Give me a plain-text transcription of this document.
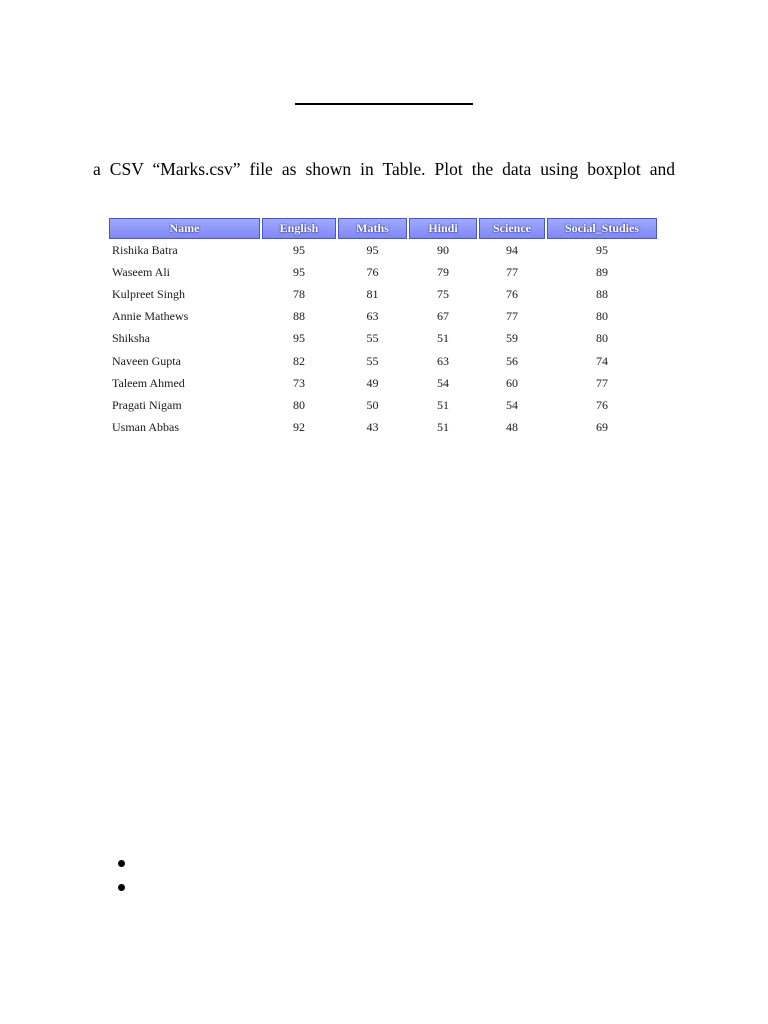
a CSV “Marks.csv” file as shown in Table. Plot the data using boxplot and
Name	English	Maths	Hindi	Science	Social_Studies
Rishika Batra	95	95	90	94	95
Waseem Ali	95	76	79	77	89
Kulpreet Singh	78	81	75	76	88
Annie Mathews	88	63	67	77	80
Shiksha	95	55	51	59	80
Naveen Gupta	82	55	63	56	74
Taleem Ahmed	73	49	54	60	77
Pragati Nigam	80	50	51	54	76
Usman Abbas	92	43	51	48	69
